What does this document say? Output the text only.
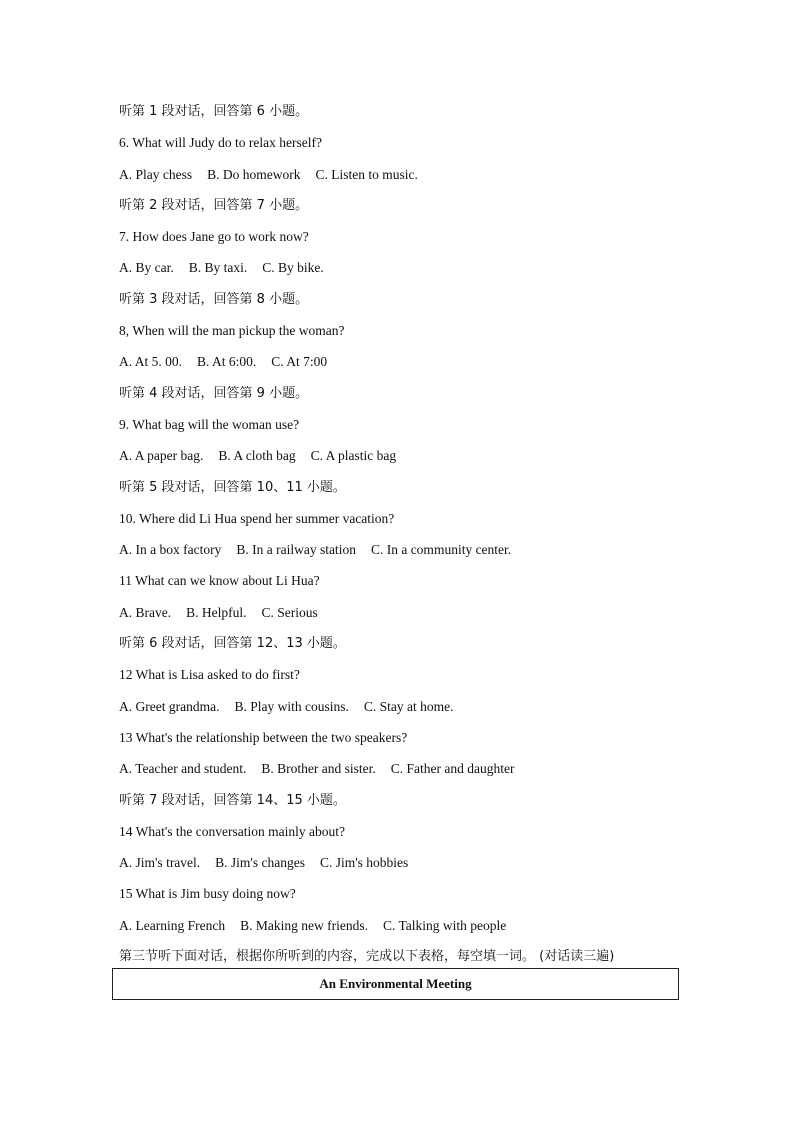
听第 1 段对话，回答第 6 小题。
6. What will Judy do to relax herself?
A. Play chess B. Do homework C. Listen to music.
听第 2 段对话，回答第 7 小题。
7. How does Jane go to work now?
A. By car. B. By taxi. C. By bike.
听第 3 段对话，回答第 8 小题。
8, When will the man pickup the woman?
A. At 5. 00. B. At 6:00. C. At 7:00
听第 4 段对话，回答第 9 小题。
9. What bag will the woman use?
A. A paper bag. B. A cloth bag C. A plastic bag
听第 5 段对话，回答第 10、11 小题。
10. Where did Li Hua spend her summer vacation?
A. In a box factory B. In a railway station C. In a community center.
11 What can we know about Li Hua?
A. Brave. B. Helpful. C. Serious
听第 6 段对话，回答第 12、13 小题。
12 What is Lisa asked to do first?
A. Greet grandma. B. Play with cousins. C. Stay at home.
13 What's the relationship between the two speakers?
A. Teacher and student. B. Brother and sister. C. Father and daughter
听第 7 段对话，回答第 14、15 小题。
14 What's the conversation mainly about?
A. Jim's travel. B. Jim's changes C. Jim's hobbies
15 What is Jim busy doing now?
A. Learning French B. Making new friends. C. Talking with people
第三节听下面对话，根据你所听到的内容，完成以下表格，每空填一词。 (对话读三遍)
An Environmental Meeting
